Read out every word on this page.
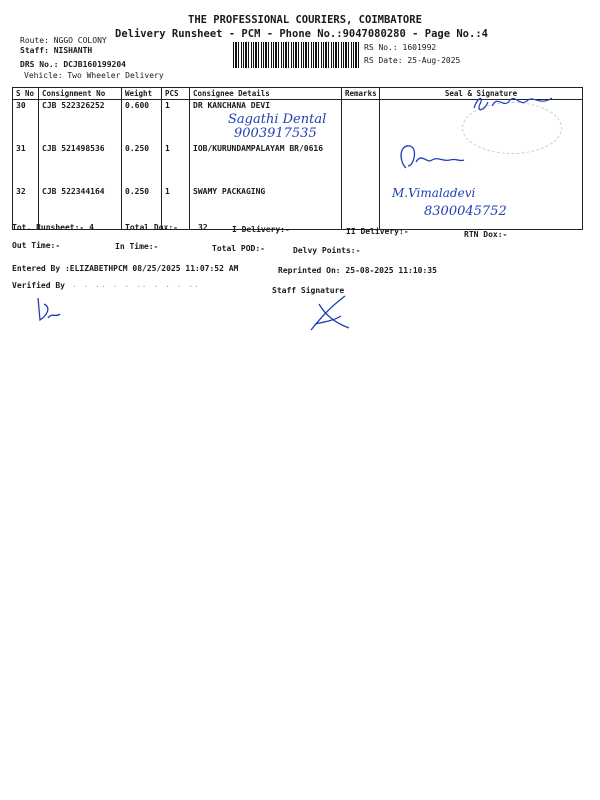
THE PROFESSIONAL COURIERS, COIMBATORE
Delivery Runsheet - PCM - Phone No.:9047080280 - Page No.:4
Route: NGGO COLONY
Staff: NISHANTH
DRS No.: DCJB160199204
Vehicle: Two Wheeler Delivery
RS No.: 1601992
RS Date: 25-Aug-2025
S No	Consignment No	Weight	PCS	Consignee Details	Remarks	Seal & Signature
30	CJB 522326252	0.600	1	DR KANCHANA DEVI		
31	CJB 521498536	0.250	1	IOB/KURUNDAMPALAYAM BR/0616		
32	CJB 522344164	0.250	1	SWAMY PACKAGING		
Sagathi Dental
9003917535
M.Vimaladevi
8300045752
Tot. Runsheet:- 4	Total Dox:-	32	I Delivery:-	II Delivery:-	RTN Dox:-
Out Time:-	In Time:-	Total POD:-	Delvy Points:-
Entered By :ELIZABETHPCM 08/25/2025 11:07:52 AM	Reprinted On: 25-08-2025 11:10:35
Verified By · · ·· · · ·· · · · ··	Staff Signature
